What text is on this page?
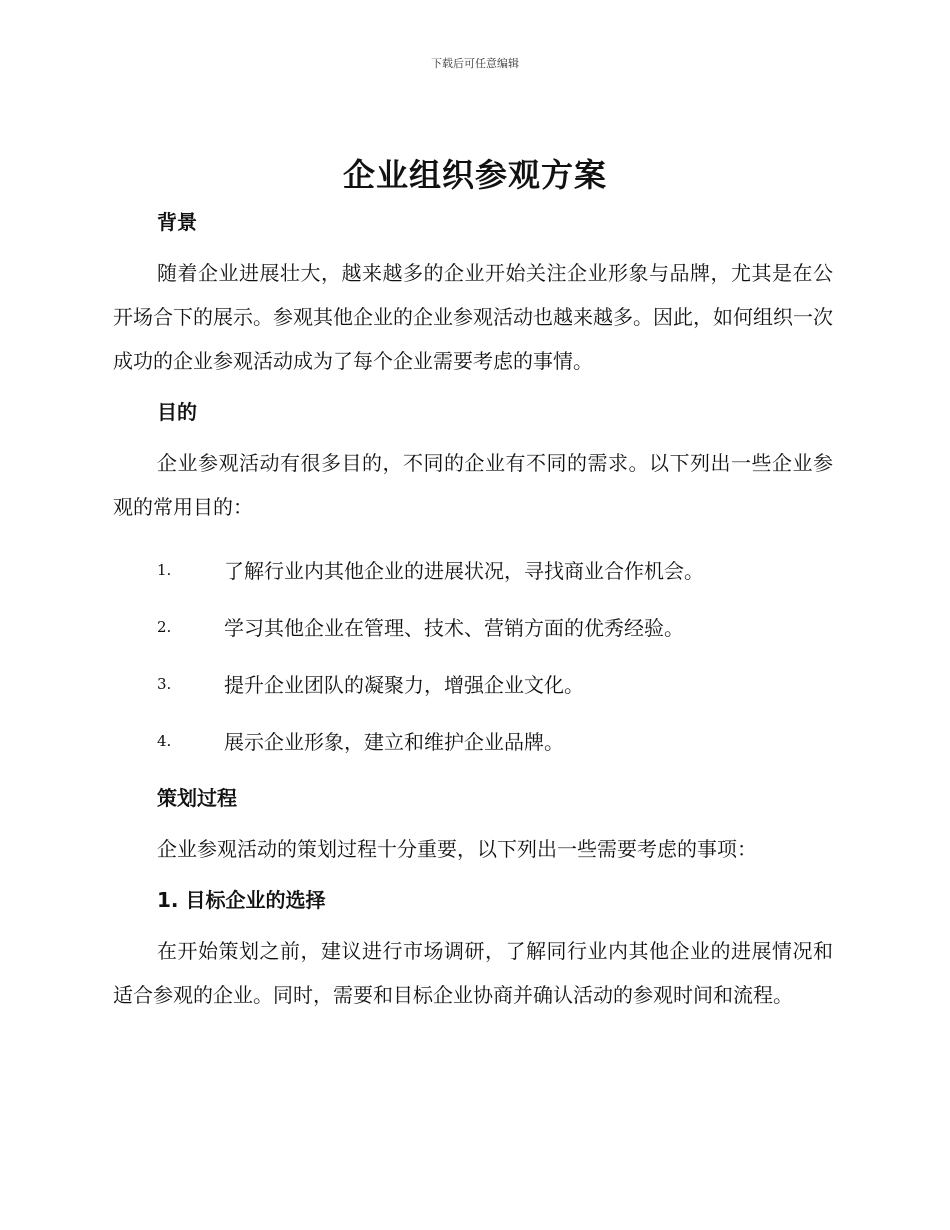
下载后可任意编辑
企业组织参观方案
背景

随着企业进展壮大，越来越多的企业开始关注企业形象与品牌，尤其是在公开场合下的展示。参观其他企业的企业参观活动也越来越多。因此，如何组织一次成功的企业参观活动成为了每个企业需要考虑的事情。

目的

企业参观活动有很多目的，不同的企业有不同的需求。以下列出一些企业参观的常用目的：

1.	了解行业内其他企业的进展状况，寻找商业合作机会。
2.	学习其他企业在管理、技术、营销方面的优秀经验。
3.	提升企业团队的凝聚力，增强企业文化。
4.	展示企业形象，建立和维护企业品牌。
策划过程

企业参观活动的策划过程十分重要，以下列出一些需要考虑的事项：

1. 目标企业的选择

在开始策划之前，建议进行市场调研，了解同行业内其他企业的进展情况和适合参观的企业。同时，需要和目标企业协商并确认活动的参观时间和流程。
